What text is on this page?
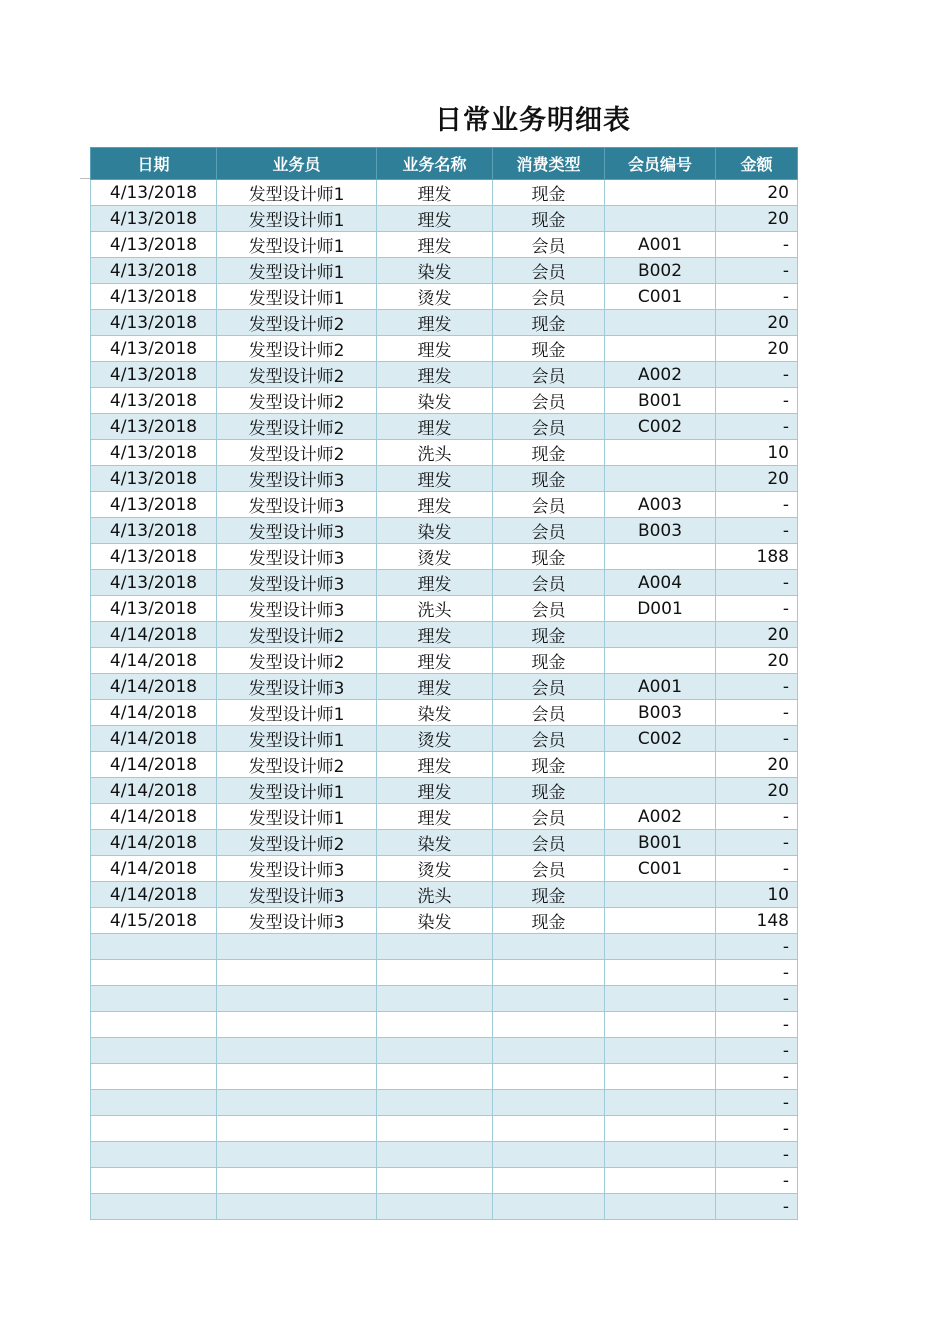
日常业务明细表
日期	业务员	业务名称	消费类型	会员编号	金额
4/13/2018	发型设计师1	理发	现金		20
4/13/2018	发型设计师1	理发	现金		20
4/13/2018	发型设计师1	理发	会员	A001	-
4/13/2018	发型设计师1	染发	会员	B002	-
4/13/2018	发型设计师1	烫发	会员	C001	-
4/13/2018	发型设计师2	理发	现金		20
4/13/2018	发型设计师2	理发	现金		20
4/13/2018	发型设计师2	理发	会员	A002	-
4/13/2018	发型设计师2	染发	会员	B001	-
4/13/2018	发型设计师2	理发	会员	C002	-
4/13/2018	发型设计师2	洗头	现金		10
4/13/2018	发型设计师3	理发	现金		20
4/13/2018	发型设计师3	理发	会员	A003	-
4/13/2018	发型设计师3	染发	会员	B003	-
4/13/2018	发型设计师3	烫发	现金		188
4/13/2018	发型设计师3	理发	会员	A004	-
4/13/2018	发型设计师3	洗头	会员	D001	-
4/14/2018	发型设计师2	理发	现金		20
4/14/2018	发型设计师2	理发	现金		20
4/14/2018	发型设计师3	理发	会员	A001	-
4/14/2018	发型设计师1	染发	会员	B003	-
4/14/2018	发型设计师1	烫发	会员	C002	-
4/14/2018	发型设计师2	理发	现金		20
4/14/2018	发型设计师1	理发	现金		20
4/14/2018	发型设计师1	理发	会员	A002	-
4/14/2018	发型设计师2	染发	会员	B001	-
4/14/2018	发型设计师3	烫发	会员	C001	-
4/14/2018	发型设计师3	洗头	现金		10
4/15/2018	发型设计师3	染发	现金		148
					-
					-
					-
					-
					-
					-
					-
					-
					-
					-
					-
